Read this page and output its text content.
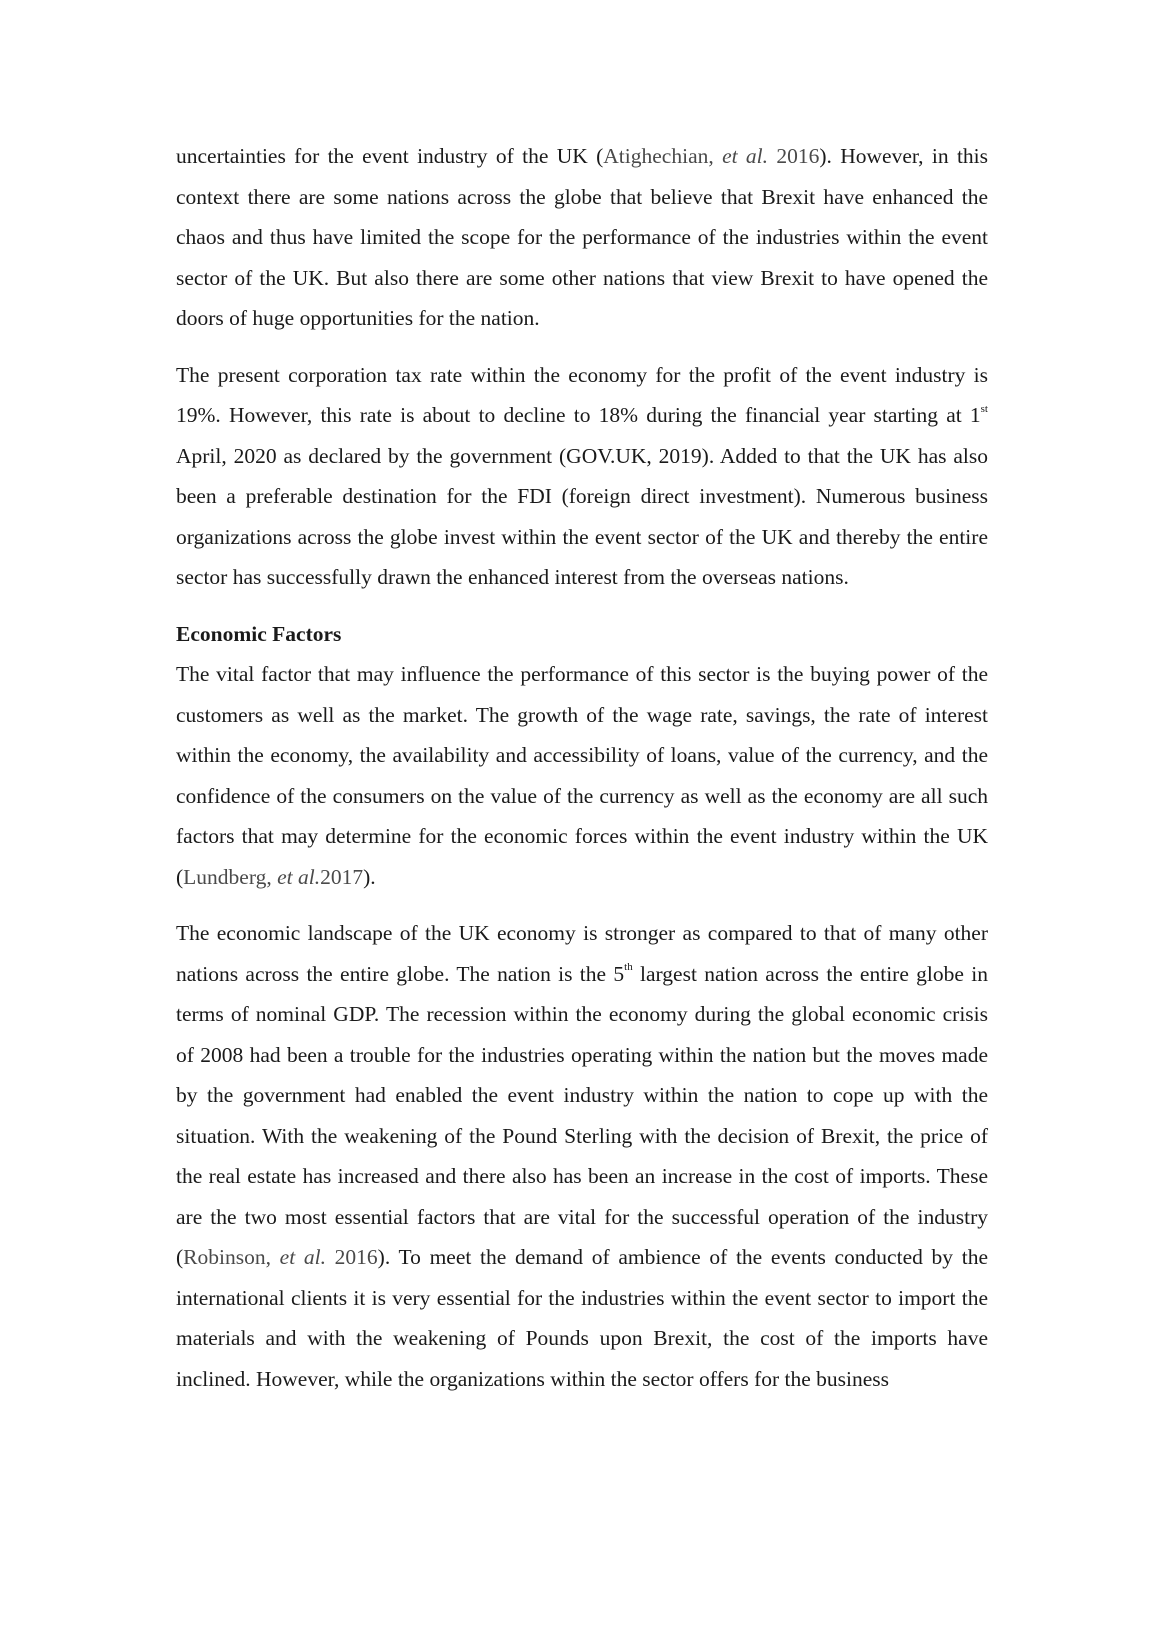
uncertainties for the event industry of the UK (Atighechian, et al. 2016). However, in this context there are some nations across the globe that believe that Brexit have enhanced the chaos and thus have limited the scope for the performance of the industries within the event sector of the UK. But also there are some other nations that view Brexit to have opened the doors of huge opportunities for the nation.

The present corporation tax rate within the economy for the profit of the event industry is 19%. However, this rate is about to decline to 18% during the financial year starting at 1st April, 2020 as declared by the government (GOV.UK, 2019). Added to that the UK has also been a preferable destination for the FDI (foreign direct investment). Numerous business organizations across the globe invest within the event sector of the UK and thereby the entire sector has successfully drawn the enhanced interest from the overseas nations.

Economic Factors

The vital factor that may influence the performance of this sector is the buying power of the customers as well as the market. The growth of the wage rate, savings, the rate of interest within the economy, the availability and accessibility of loans, value of the currency, and the confidence of the consumers on the value of the currency as well as the economy are all such factors that may determine for the economic forces within the event industry within the UK (Lundberg, et al.2017).

The economic landscape of the UK economy is stronger as compared to that of many other nations across the entire globe. The nation is the 5th largest nation across the entire globe in terms of nominal GDP. The recession within the economy during the global economic crisis of 2008 had been a trouble for the industries operating within the nation but the moves made by the government had enabled the event industry within the nation to cope up with the situation. With the weakening of the Pound Sterling with the decision of Brexit, the price of the real estate has increased and there also has been an increase in the cost of imports. These are the two most essential factors that are vital for the successful operation of the industry (Robinson, et al. 2016). To meet the demand of ambience of the events conducted by the international clients it is very essential for the industries within the event sector to import the materials and with the weakening of Pounds upon Brexit, the cost of the imports have inclined. However, while the organizations within the sector offers for the business
